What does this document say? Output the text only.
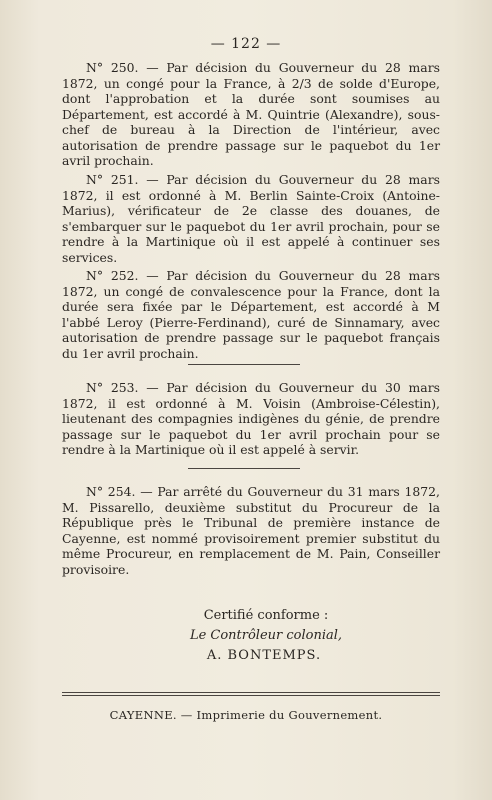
— 122 —
N° 250. — Par décision du Gouverneur du 28 mars 1872, un congé pour la France, à 2/3 de solde d'Europe, dont l'approbation et la durée sont soumises au Département, est accordé à M. Quintrie (Alexandre), sous-chef de bureau à la Direction de l'intérieur, avec autorisation de prendre passage sur le paquebot du 1er avril prochain.
N° 251. — Par décision du Gouverneur du 28 mars 1872, il est ordonné à M. Berlin Sainte-Croix (Antoine-Marius), vérificateur de 2e classe des douanes, de s'embarquer sur le paquebot du 1er avril prochain, pour se rendre à la Martinique où il est appelé à continuer ses services.
N° 252. — Par décision du Gouverneur du 28 mars 1872, un congé de convalescence pour la France, dont la durée sera fixée par le Département, est accordé à M l'abbé Leroy (Pierre-Ferdinand), curé de Sinnamary, avec autorisation de prendre passage sur le paquebot français du 1er avril prochain.
N° 253. — Par décision du Gouverneur du 30 mars 1872, il est ordonné à M. Voisin (Ambroise-Célestin), lieutenant des compagnies indigènes du génie, de prendre passage sur le paquebot du 1er avril prochain pour se rendre à la Martinique où il est appelé à servir.
N° 254. — Par arrêté du Gouverneur du 31 mars 1872, M. Pissarello, deuxième substitut du Procureur de la République près le Tribunal de première instance de Cayenne, est nommé provisoirement premier substitut du même Procureur, en remplacement de M. Pain, Conseiller provisoire.
Certifié conforme :
Le Contrôleur colonial,
A. BONTEMPS.
CAYENNE. — Imprimerie du Gouvernement.
